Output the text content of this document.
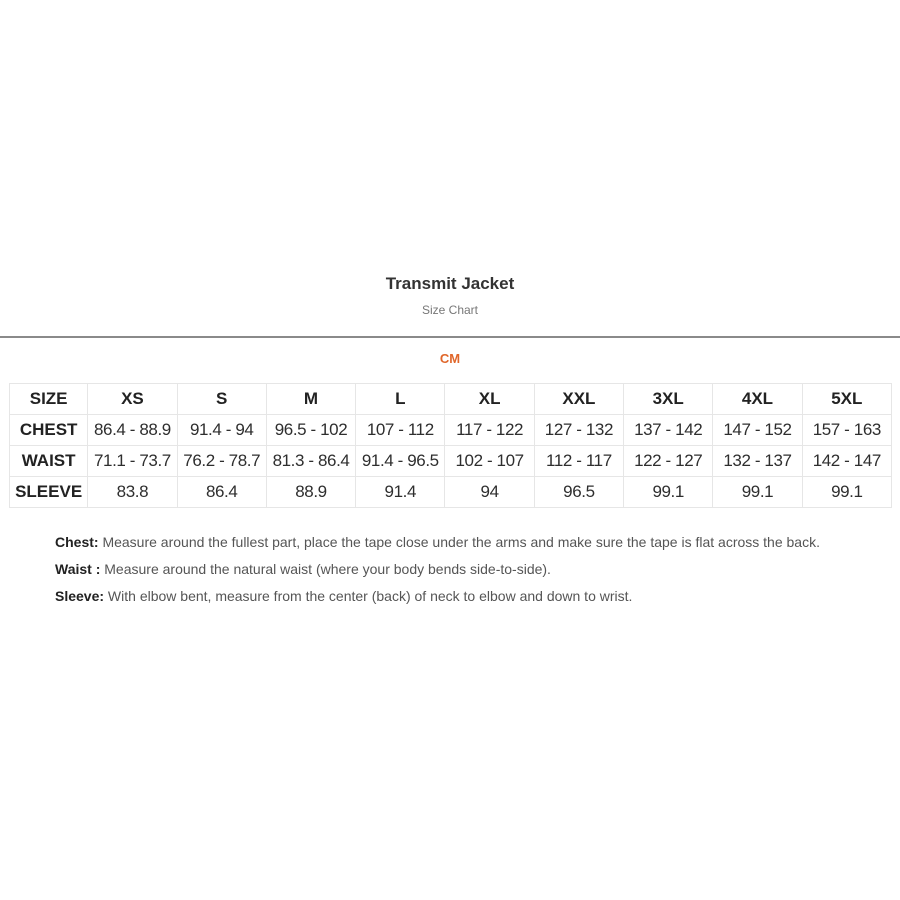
Transmit Jacket
Size Chart
CM
SIZE	XS	S	M	L	XL	XXL	3XL	4XL	5XL
CHEST	86.4 - 88.9	91.4 - 94	96.5 - 102	107 - 112	117 - 122	127 - 132	137 - 142	147 - 152	157 - 163
WAIST	71.1 - 73.7	76.2 - 78.7	81.3 - 86.4	91.4 - 96.5	102 - 107	112 - 117	122 - 127	132 - 137	142 - 147
SLEEVE	83.8	86.4	88.9	91.4	94	96.5	99.1	99.1	99.1

Chest: Measure around the fullest part, place the tape close under the arms and make sure the tape is flat across the back.

Waist : Measure around the natural waist (where your body bends side-to-side).

Sleeve: With elbow bent, measure from the center (back) of neck to elbow and down to wrist.
